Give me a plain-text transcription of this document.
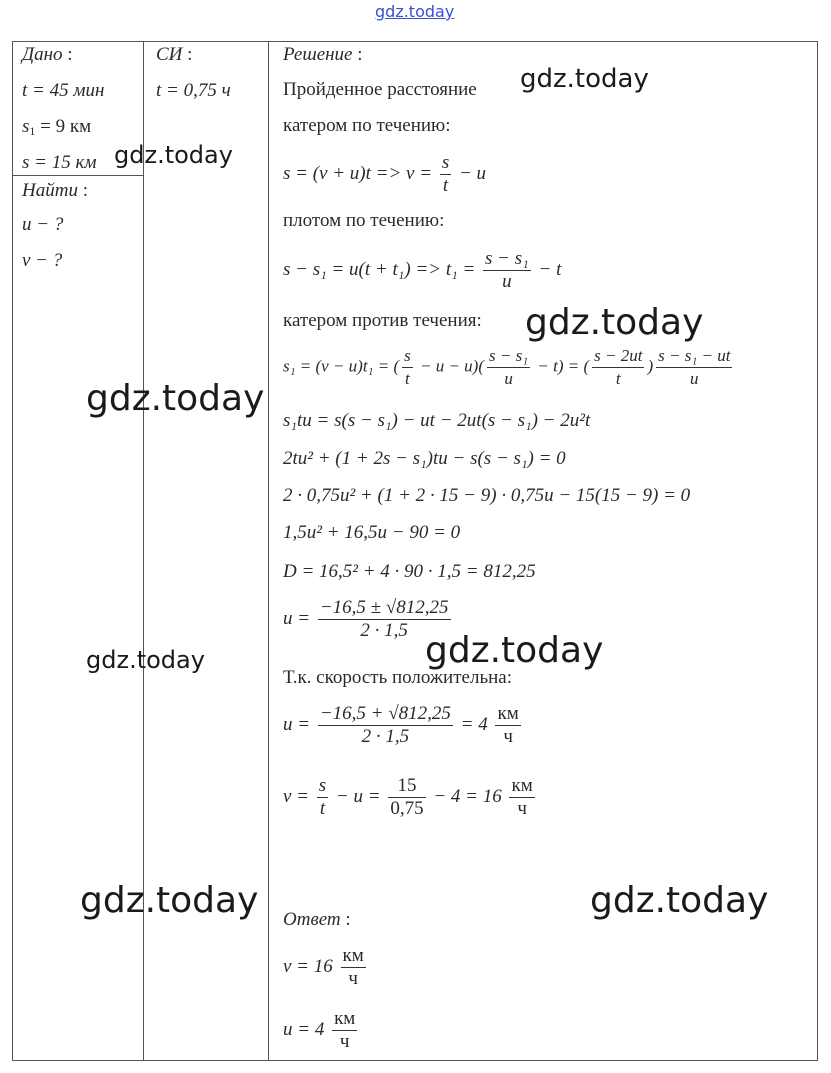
gdz.today
Дано :
t = 45 мин
$s_1 = 9$ км
s = 15 км
Найти :
u − ?
v − ?
СИ :
t = 0,75 ч
Решение :
Пройденное расстояние
катером по течению:
$s = (v + u)t => v = \frac{s}{t} - u$
плотом по течению:
$s - s_1 = u(t + t_1) => t_1 = \frac{\text{s − s₁}}{u} - t$
катером против течения:
s₁ = (v − u)t₁ = ( $\frac{s}{t} - u - u)( \frac{\text{s − s₁}}{u} - t)$ = ( $\frac{s - 2ut}{t}$ ) $\frac{\text{s − s₁ − ut}}{u}$
s₁tu = s(s − s₁) − ut − 2ut(s − s₁) − 2u²t
2tu² + (1 + 2s − s₁)tu − s(s − s₁) = 0
2 · 0,75u² + (1 + 2 · 15 − 9) · 0,75u − 15(15 − 9) = 0
1,5u² + 16,5u − 90 = 0
D = 16,5² + 4 · 90 · 1,5 = 812,25
$u = \frac{-16,5 \pm √812,25}{2 \cdot 1,5}$
Т.к. скорость положительна:
$u = \frac{-16,5 + √812,25}{2 \cdot 1,5} = 4 \frac{км}{ч}$
$v = \frac{s}{t} - u = \frac{15}{0,75} - 4 = 16 \frac{км}{ч}$
Ответ :
$v = 16 \frac{км}{ч}$
$u = 4 \frac{км}{ч}$
gdz.today
gdz.today
gdz.today
gdz.today
gdz.today	gdz.today
gdz.today	gdz.today
